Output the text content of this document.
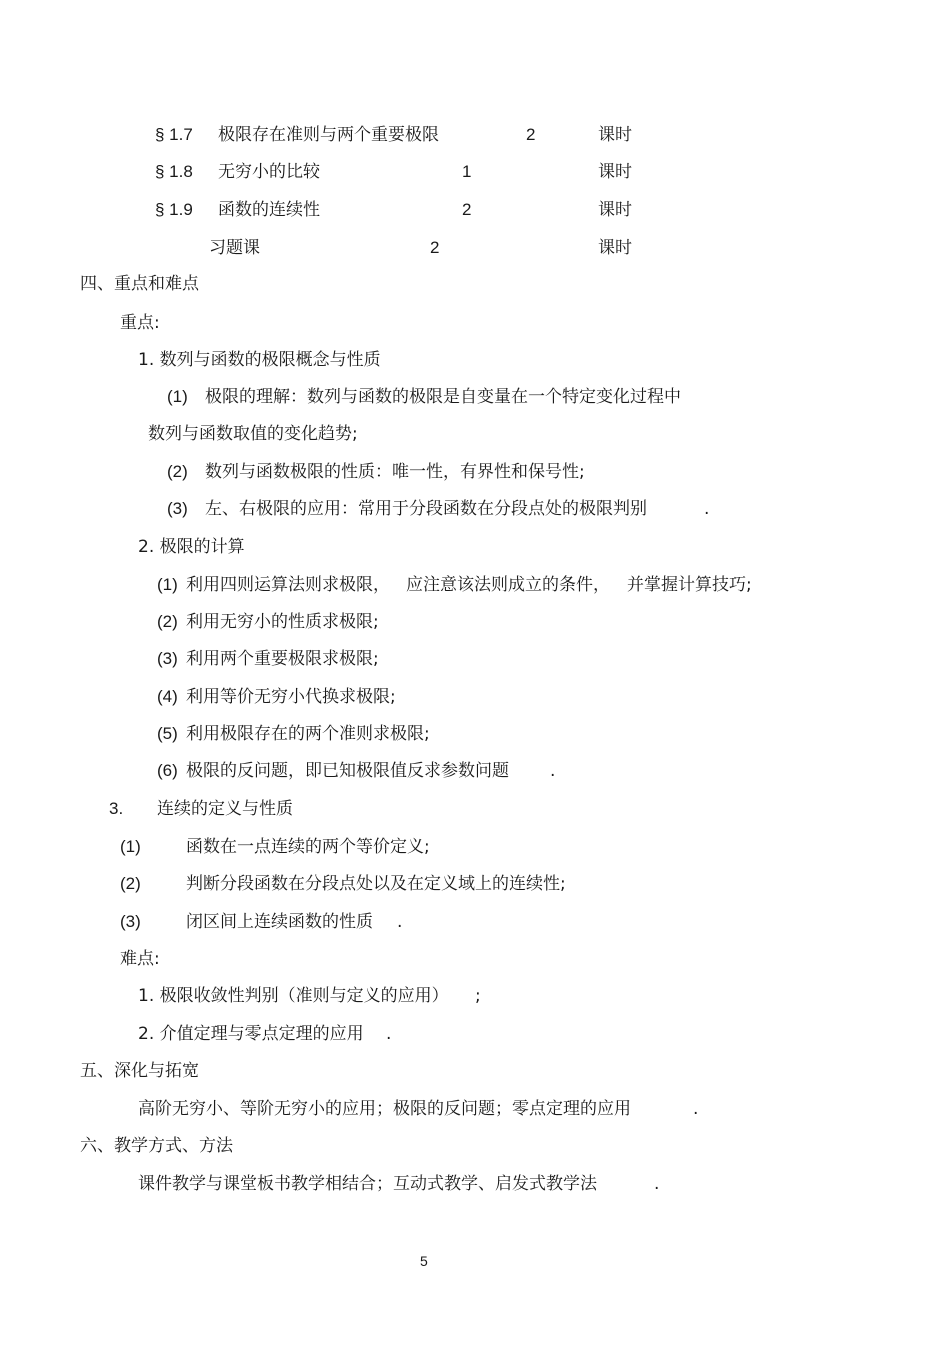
§ 1.7 极限存在准则与两个重要极限	2	课时
§ 1.8 无穷小的比较	1	课时
§ 1.9 函数的连续性	2	课时
习题课	2	课时
四、重点和难点
重点:
1. 数列与函数的极限概念与性质
(1) 极限的理解：数列与函数的极限是自变量在一个特定变化过程中
数列与函数取值的变化趋势;
(2) 数列与函数极限的性质：唯一性，有界性和保号性;
(3) 左、右极限的应用：常用于分段函数在分段点处的极限判别	.
2. 极限的计算
(1) 利用四则运算法则求极限， 应注意该法则成立的条件， 并掌握计算技巧;
(2) 利用无穷小的性质求极限;
(3) 利用两个重要极限求极限;
(4) 利用等价无穷小代换求极限;
(5) 利用极限存在的两个准则求极限;
(6) 极限的反问题，即已知极限值反求参数问题 .
3. 连续的定义与性质
(1)	函数在一点连续的两个等价定义;
(2)	判断分段函数在分段点处以及在定义域上的连续性;
(3)	闭区间上连续函数的性质 .
难点:
1. 极限收敛性判别（准则与定义的应用） ;
2. 介值定理与零点定理的应用 .
五、深化与拓宽
高阶无穷小、等阶无穷小的应用；极限的反问题；零点定理的应用	.
六、教学方式、方法
课件教学与课堂板书教学相结合；互动式教学、启发式教学法	.
5
